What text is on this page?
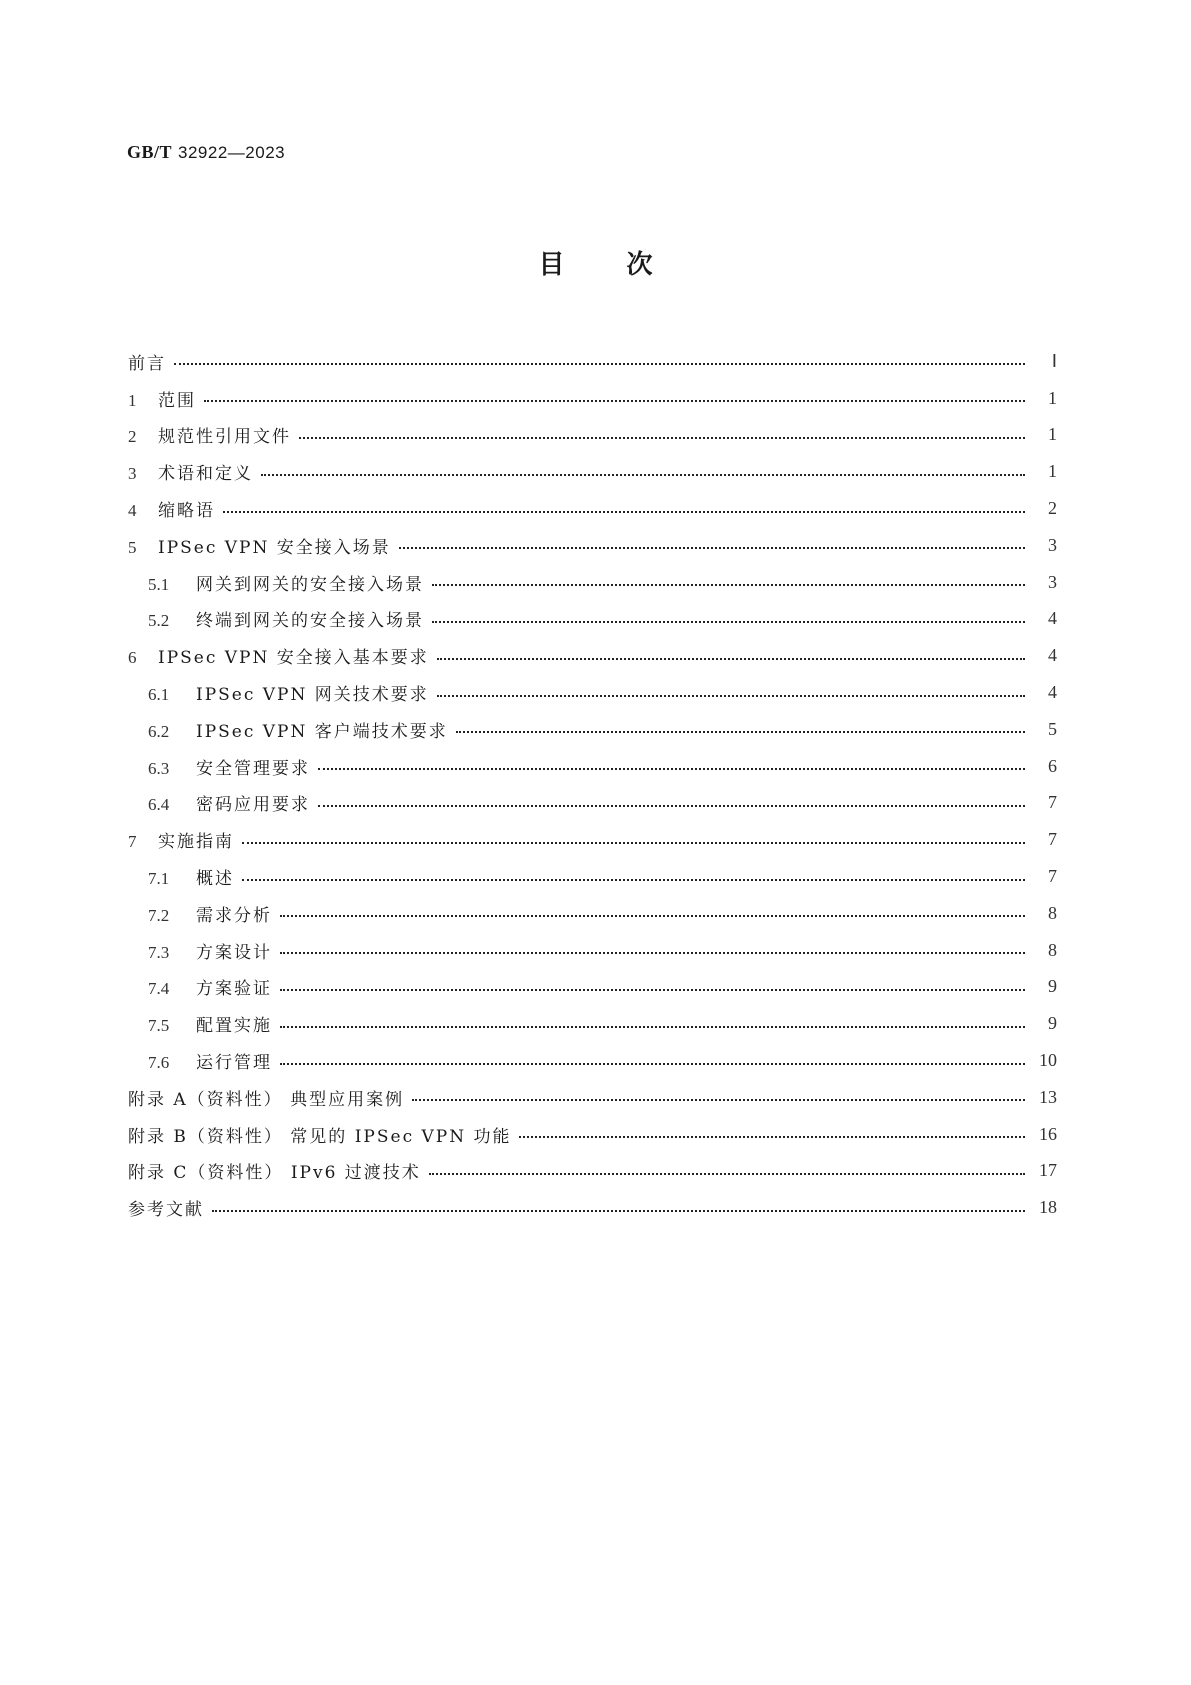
GB/T 32922—2023
目次
前言	Ⅰ
1	范围	1
2	规范性引用文件	1
3	术语和定义	1
4	缩略语	2
5	IPSec VPN 安全接入场景	3
5.1	网关到网关的安全接入场景	3
5.2	终端到网关的安全接入场景	4
6	IPSec VPN 安全接入基本要求	4
6.1	IPSec VPN 网关技术要求	4
6.2	IPSec VPN 客户端技术要求	5
6.3	安全管理要求	6
6.4	密码应用要求	7
7	实施指南	7
7.1	概述	7
7.2	需求分析	8
7.3	方案设计	8
7.4	方案验证	9
7.5	配置实施	9
7.6	运行管理	10
附录 A（资料性） 典型应用案例	13
附录 B（资料性） 常见的 IPSec VPN 功能	16
附录 C（资料性） IPv6 过渡技术	17
参考文献	18
